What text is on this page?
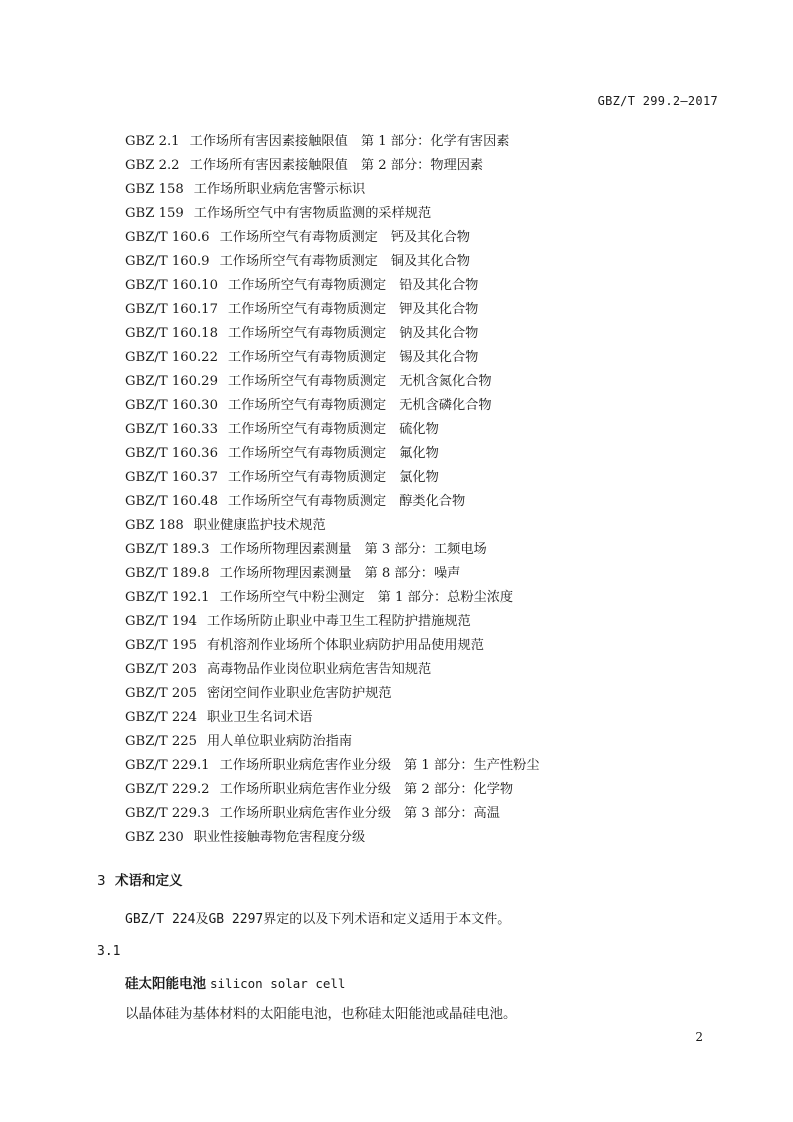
GBZ/T 299.2—2017
GBZ 2.1 工作场所有害因素接触限值 第 1 部分：化学有害因素
GBZ 2.2 工作场所有害因素接触限值 第 2 部分：物理因素
GBZ 158 工作场所职业病危害警示标识
GBZ 159 工作场所空气中有害物质监测的采样规范
GBZ/T 160.6 工作场所空气有毒物质测定 钙及其化合物
GBZ/T 160.9 工作场所空气有毒物质测定 铜及其化合物
GBZ/T 160.10 工作场所空气有毒物质测定 铅及其化合物
GBZ/T 160.17 工作场所空气有毒物质测定 钾及其化合物
GBZ/T 160.18 工作场所空气有毒物质测定 钠及其化合物
GBZ/T 160.22 工作场所空气有毒物质测定 锡及其化合物
GBZ/T 160.29 工作场所空气有毒物质测定 无机含氮化合物
GBZ/T 160.30 工作场所空气有毒物质测定 无机含磷化合物
GBZ/T 160.33 工作场所空气有毒物质测定 硫化物
GBZ/T 160.36 工作场所空气有毒物质测定 氟化物
GBZ/T 160.37 工作场所空气有毒物质测定 氯化物
GBZ/T 160.48 工作场所空气有毒物质测定 醇类化合物
GBZ 188 职业健康监护技术规范
GBZ/T 189.3 工作场所物理因素测量 第 3 部分：工频电场
GBZ/T 189.8 工作场所物理因素测量 第 8 部分：噪声
GBZ/T 192.1 工作场所空气中粉尘测定 第 1 部分：总粉尘浓度
GBZ/T 194 工作场所防止职业中毒卫生工程防护措施规范
GBZ/T 195 有机溶剂作业场所个体职业病防护用品使用规范
GBZ/T 203 高毒物品作业岗位职业病危害告知规范
GBZ/T 205 密闭空间作业职业危害防护规范
GBZ/T 224 职业卫生名词术语
GBZ/T 225 用人单位职业病防治指南
GBZ/T 229.1 工作场所职业病危害作业分级 第 1 部分：生产性粉尘
GBZ/T 229.2 工作场所职业病危害作业分级 第 2 部分：化学物
GBZ/T 229.3 工作场所职业病危害作业分级 第 3 部分：高温
GBZ 230 职业性接触毒物危害程度分级
3 术语和定义
GBZ/T 224及GB 2297界定的以及下列术语和定义适用于本文件。
3.1
硅太阳能电池 silicon solar cell
以晶体硅为基体材料的太阳能电池，也称硅太阳能池或晶硅电池。
2
